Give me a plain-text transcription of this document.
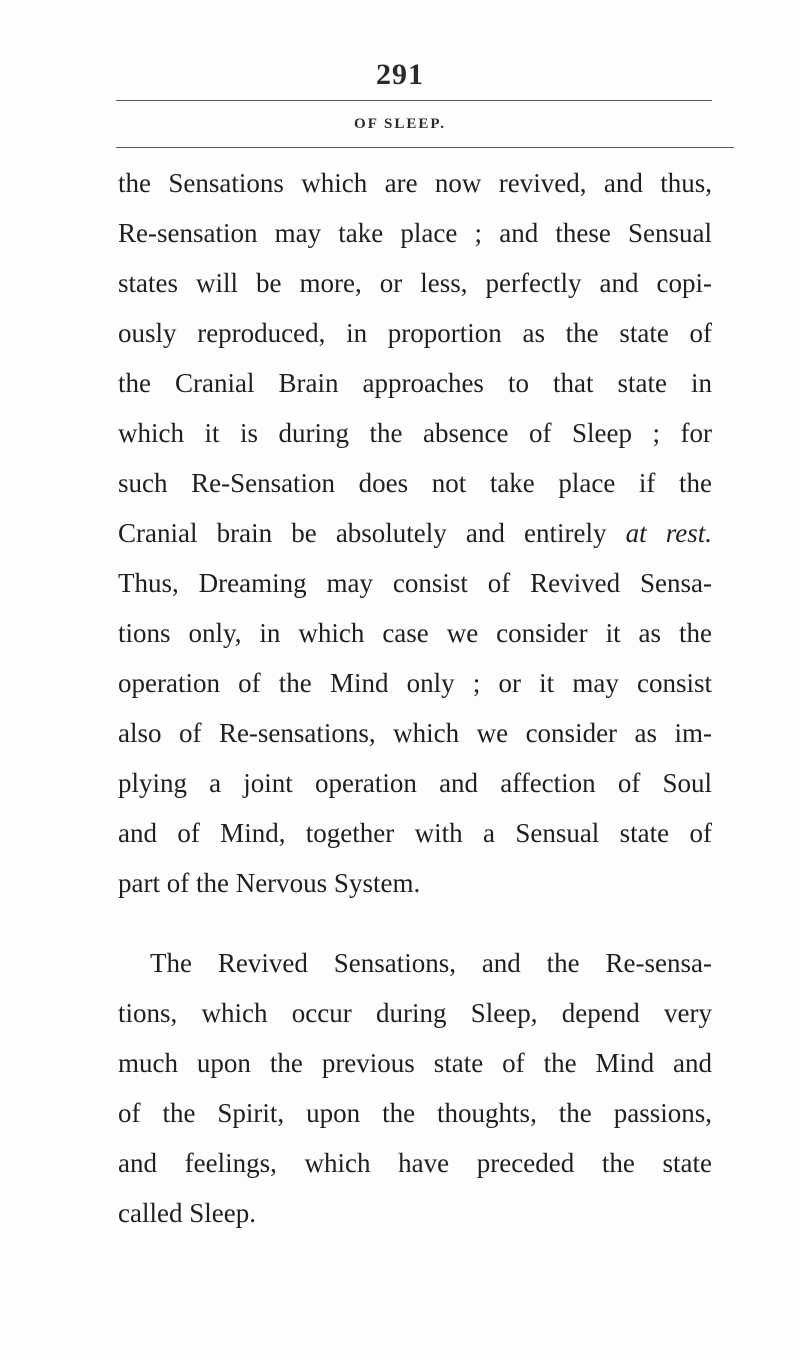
291
OF SLEEP.
the Sensations which are now revived, and thus,
Re-sensation may take place ; and these Sensual
states will be more, or less, perfectly and copi-
ously reproduced, in proportion as the state of
the Cranial Brain approaches to that state in
which it is during the absence of Sleep ; for
such Re-Sensation does not take place if the
Cranial brain be absolutely and entirely at rest.
Thus, Dreaming may consist of Revived Sensa-
tions only, in which case we consider it as the
operation of the Mind only ; or it may consist
also of Re-sensations, which we consider as im-
plying a joint operation and affection of Soul
and of Mind, together with a Sensual state of
part of the Nervous System.
The Revived Sensations, and the Re-sensa-
tions, which occur during Sleep, depend very
much upon the previous state of the Mind and
of the Spirit, upon the thoughts, the passions,
and feelings, which have preceded the state
called Sleep.
